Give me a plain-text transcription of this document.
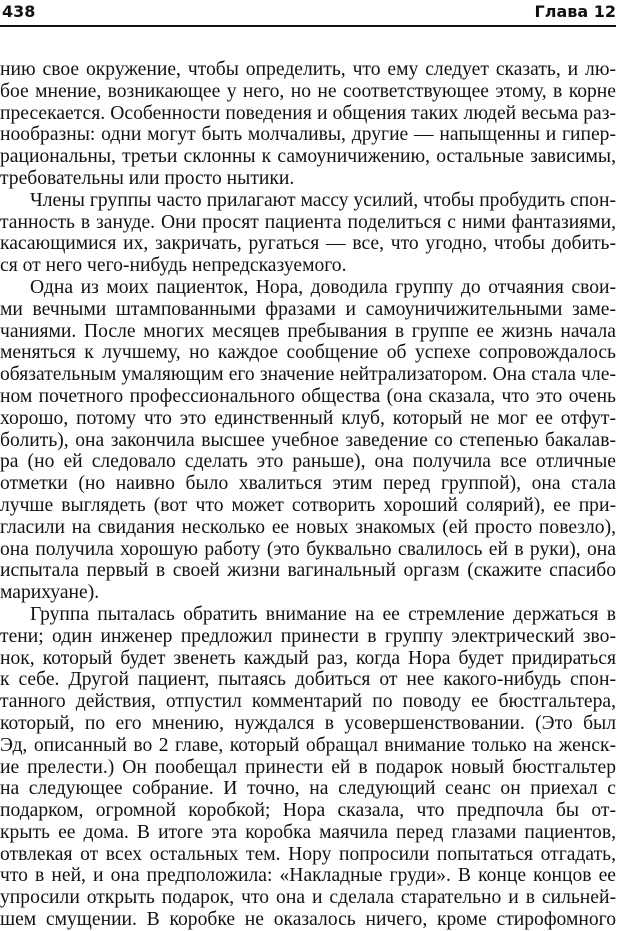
438	Глава 12
нию свое окружение, чтобы определить, что ему следует сказать, и лю-
бое мнение, возникающее у него, но не соответствующее этому, в корне
пресекается. Особенности поведения и общения таких людей весьма раз-
нообразны: одни могут быть молчаливы, другие — напыщенны и гипер-
рациональны, третьи склонны к самоуничижению, остальные зависимы,
требовательны или просто нытики.
Члены группы часто прилагают массу усилий, чтобы пробудить спон-
танность в зануде. Они просят пациента поделиться с ними фантазиями,
касающимися их, закричать, ругаться — все, что угодно, чтобы добить-
ся от него чего-нибудь непредсказуемого.
Одна из моих пациенток, Нора, доводила группу до отчаяния свои-
ми вечными штампованными фразами и самоуничижительными заме-
чаниями. После многих месяцев пребывания в группе ее жизнь начала
меняться к лучшему, но каждое сообщение об успехе сопровождалось
обязательным умаляющим его значение нейтрализатором. Она стала чле-
ном почетного профессионального общества (она сказала, что это очень
хорошо, потому что это единственный клуб, который не мог ее отфут-
болить), она закончила высшее учебное заведение со степенью бакалав-
ра (но ей следовало сделать это раньше), она получила все отличные
отметки (но наивно было хвалиться этим перед группой), она стала
лучше выглядеть (вот что может сотворить хороший солярий), ее при-
гласили на свидания несколько ее новых знакомых (ей просто повезло),
она получила хорошую работу (это буквально свалилось ей в руки), она
испытала первый в своей жизни вагинальный оргазм (скажите спасибо
марихуане).
Группа пыталась обратить внимание на ее стремление держаться в
тени; один инженер предложил принести в группу электрический зво-
нок, который будет звенеть каждый раз, когда Нора будет придираться
к себе. Другой пациент, пытаясь добиться от нее какого-нибудь спон-
танного действия, отпустил комментарий по поводу ее бюстгальтера,
который, по его мнению, нуждался в усовершенствовании. (Это был
Эд, описанный во 2 главе, который обращал внимание только на женск-
ие прелести.) Он пообещал принести ей в подарок новый бюстгальтер
на следующее собрание. И точно, на следующий сеанс он приехал с
подарком, огромной коробкой; Нора сказала, что предпочла бы от-
крыть ее дома. В итоге эта коробка маячила перед глазами пациентов,
отвлекая от всех остальных тем. Нору попросили попытаться отгадать,
что в ней, и она предположила: «Накладные груди». В конце концов ее
упросили открыть подарок, что она и сделала старательно и в сильней-
шем смущении. В коробке не оказалось ничего, кроме стирофомного
